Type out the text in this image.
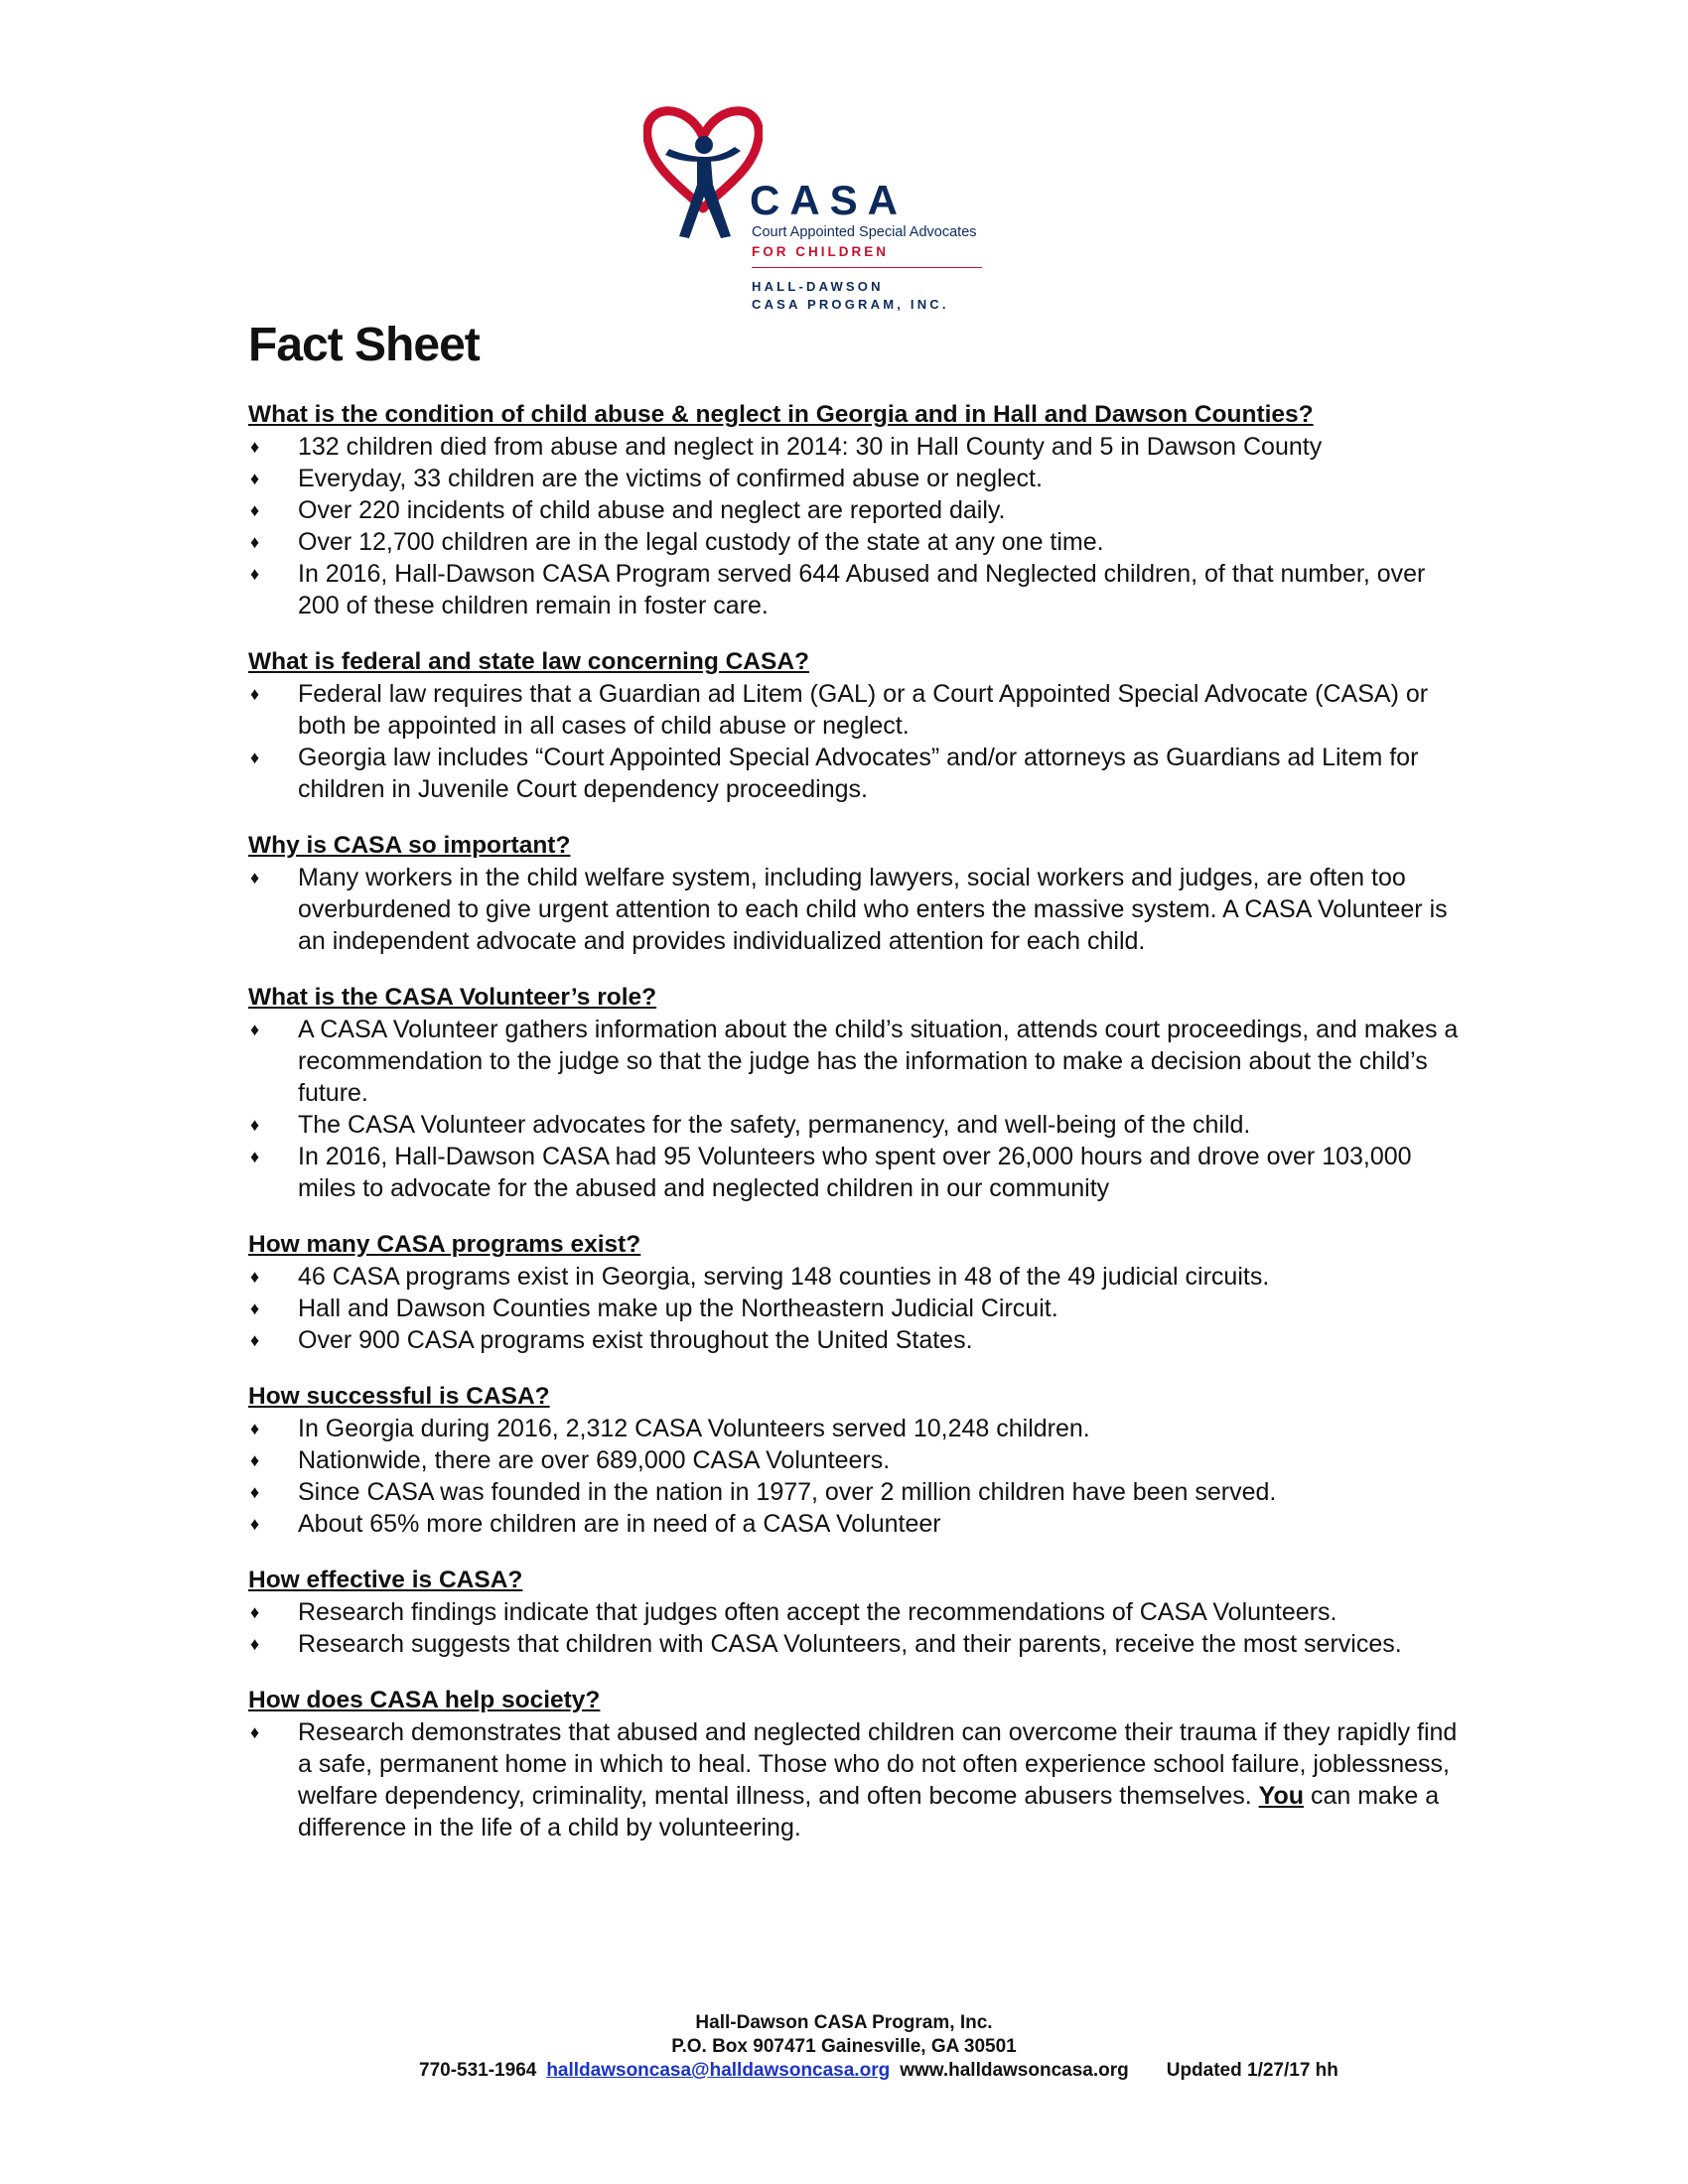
CASA
Court Appointed Special Advocates
FOR CHILDREN
HALL-DAWSON
CASA PROGRAM, INC.
Fact Sheet
What is the condition of child abuse & neglect in Georgia and in Hall and Dawson Counties?
♦ 132 children died from abuse and neglect in 2014: 30 in Hall County and 5 in Dawson County
♦ Everyday, 33 children are the victims of confirmed abuse or neglect.
♦ Over 220 incidents of child abuse and neglect are reported daily.
♦ Over 12,700 children are in the legal custody of the state at any one time.
♦ In 2016, Hall-Dawson CASA Program served 644 Abused and Neglected children, of that number, over 200 of these children remain in foster care.
What is federal and state law concerning CASA?
♦ Federal law requires that a Guardian ad Litem (GAL) or a Court Appointed Special Advocate (CASA) or both be appointed in all cases of child abuse or neglect.
♦ Georgia law includes “Court Appointed Special Advocates” and/or attorneys as Guardians ad Litem for children in Juvenile Court dependency proceedings.
Why is CASA so important?
♦ Many workers in the child welfare system, including lawyers, social workers and judges, are often too overburdened to give urgent attention to each child who enters the massive system. A CASA Volunteer is an independent advocate and provides individualized attention for each child.
What is the CASA Volunteer’s role?
♦ A CASA Volunteer gathers information about the child’s situation, attends court proceedings, and makes a recommendation to the judge so that the judge has the information to make a decision about the child’s future.
♦ The CASA Volunteer advocates for the safety, permanency, and well-being of the child.
♦ In 2016, Hall-Dawson CASA had 95 Volunteers who spent over 26,000 hours and drove over 103,000 miles to advocate for the abused and neglected children in our community
How many CASA programs exist?
♦ 46 CASA programs exist in Georgia, serving 148 counties in 48 of the 49 judicial circuits.
♦ Hall and Dawson Counties make up the Northeastern Judicial Circuit.
♦ Over 900 CASA programs exist throughout the United States.
How successful is CASA?
♦ In Georgia during 2016, 2,312 CASA Volunteers served 10,248 children.
♦ Nationwide, there are over 689,000 CASA Volunteers.
♦ Since CASA was founded in the nation in 1977, over 2 million children have been served.
♦ About 65% more children are in need of a CASA Volunteer
How effective is CASA?
♦ Research findings indicate that judges often accept the recommendations of CASA Volunteers.
♦ Research suggests that children with CASA Volunteers, and their parents, receive the most services.
How does CASA help society?
♦ Research demonstrates that abused and neglected children can overcome their trauma if they rapidly find a safe, permanent home in which to heal. Those who do not often experience school failure, joblessness, welfare dependency, criminality, mental illness, and often become abusers themselves. You can make a difference in the life of a child by volunteering.
Hall-Dawson CASA Program, Inc.
P.O. Box 907471 Gainesville, GA 30501
770-531-1964 halldawsoncasa@halldawsoncasa.org www.halldawsoncasa.org Updated 1/27/17 hh
